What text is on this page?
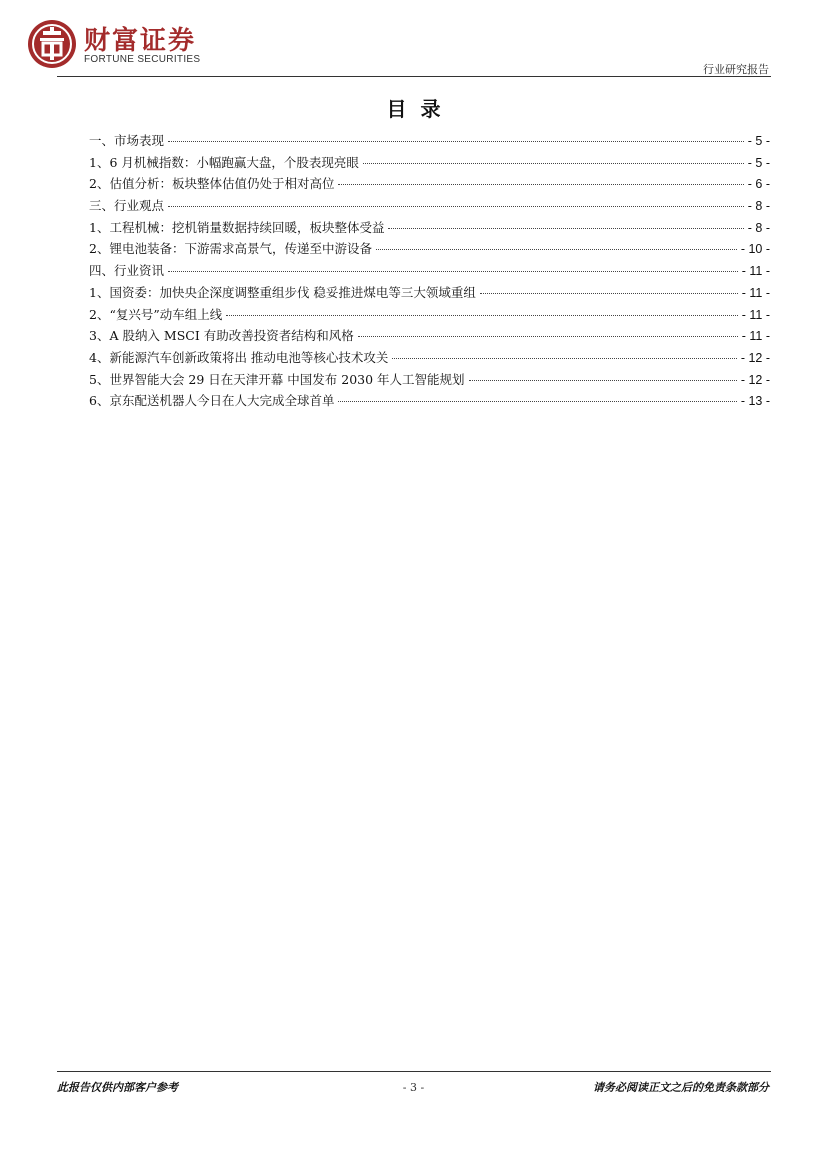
财富证券
FORTUNE SECURITIES
行业研究报告
目录
一、市场表现	- 5 -
1、6 月机械指数：小幅跑赢大盘，个股表现亮眼	- 5 -
2、估值分析：板块整体估值仍处于相对高位	- 6 -
三、行业观点	- 8 -
1、工程机械：挖机销量数据持续回暖，板块整体受益	- 8 -
2、锂电池装备：下游需求高景气，传递至中游设备	- 10 -
四、行业资讯	- 11 -
1、国资委：加快央企深度调整重组步伐 稳妥推进煤电等三大领域重组	- 11 -
2、“复兴号”动车组上线	- 11 -
3、A 股纳入 MSCI 有助改善投资者结构和风格	- 11 -
4、新能源汽车创新政策将出 推动电池等核心技术攻关	- 12 -
5、世界智能大会 29 日在天津开幕 中国发布 2030 年人工智能规划	- 12 -
6、京东配送机器人今日在人大完成全球首单	- 13 -
此报告仅供内部客户参考	- 3 -	请务必阅读正文之后的免责条款部分
